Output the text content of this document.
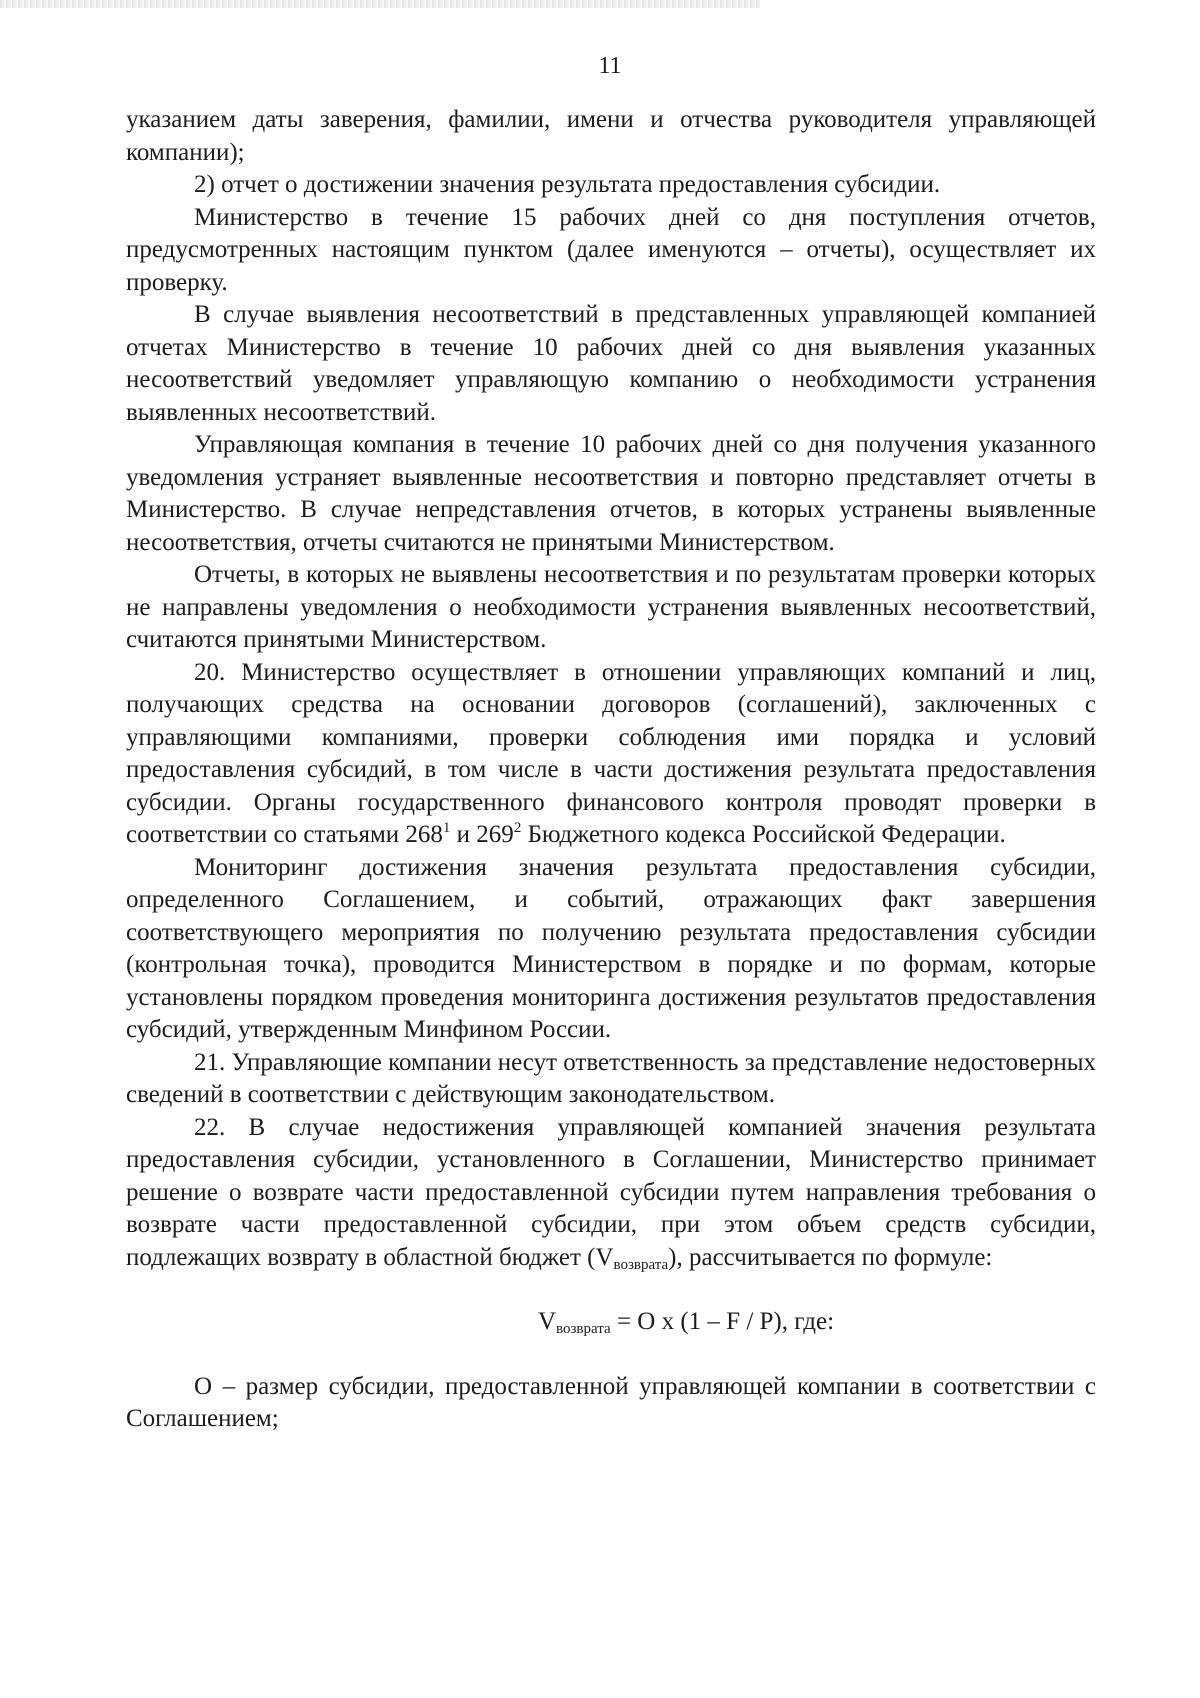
11

указанием даты заверения, фамилии, имени и отчества руководителя управляющей компании);

2) отчет о достижении значения результата предоставления субсидии.

Министерство в течение 15 рабочих дней со дня поступления отчетов, предусмотренных настоящим пунктом (далее именуются – отчеты), осуществляет их проверку.

В случае выявления несоответствий в представленных управляющей компанией отчетах Министерство в течение 10 рабочих дней со дня выявления указанных несоответствий уведомляет управляющую компанию о необходимости устранения выявленных несоответствий.

Управляющая компания в течение 10 рабочих дней со дня получения указанного уведомления устраняет выявленные несоответствия и повторно представляет отчеты в Министерство. В случае непредставления отчетов, в которых устранены выявленные несоответствия, отчеты считаются не принятыми Министерством.

Отчеты, в которых не выявлены несоответствия и по результатам проверки которых не направлены уведомления о необходимости устранения выявленных несоответствий, считаются принятыми Министерством.

20. Министерство осуществляет в отношении управляющих компаний и лиц, получающих средства на основании договоров (соглашений), заключенных с управляющими компаниями, проверки соблюдения ими порядка и условий предоставления субсидий, в том числе в части достижения результата предоставления субсидии. Органы государственного финансового контроля проводят проверки в соответствии со статьями $268^1$ и $269^2$ Бюджетного кодекса Российской Федерации.

Мониторинг достижения значения результата предоставления субсидии, определенного Соглашением, и событий, отражающих факт завершения соответствующего мероприятия по получению результата предоставления субсидии (контрольная точка), проводится Министерством в порядке и по формам, которые установлены порядком проведения мониторинга достижения результатов предоставления субсидий, утвержденным Минфином России.

21. Управляющие компании несут ответственность за представление недостоверных сведений в соответствии с действующим законодательством.

22. В случае недостижения управляющей компанией значения результата предоставления субсидии, установленного в Соглашении, Министерство принимает решение о возврате части предоставленной субсидии путем направления требования о возврате части предоставленной субсидии, при этом объем средств субсидии, подлежащих возврату в областной бюджет $(V_{возврата})$, рассчитывается по формуле:

$V_{возврата} = O$ x (1 – F / P), где:

O – размер субсидии, предоставленной управляющей компании в соответствии с Соглашением;
